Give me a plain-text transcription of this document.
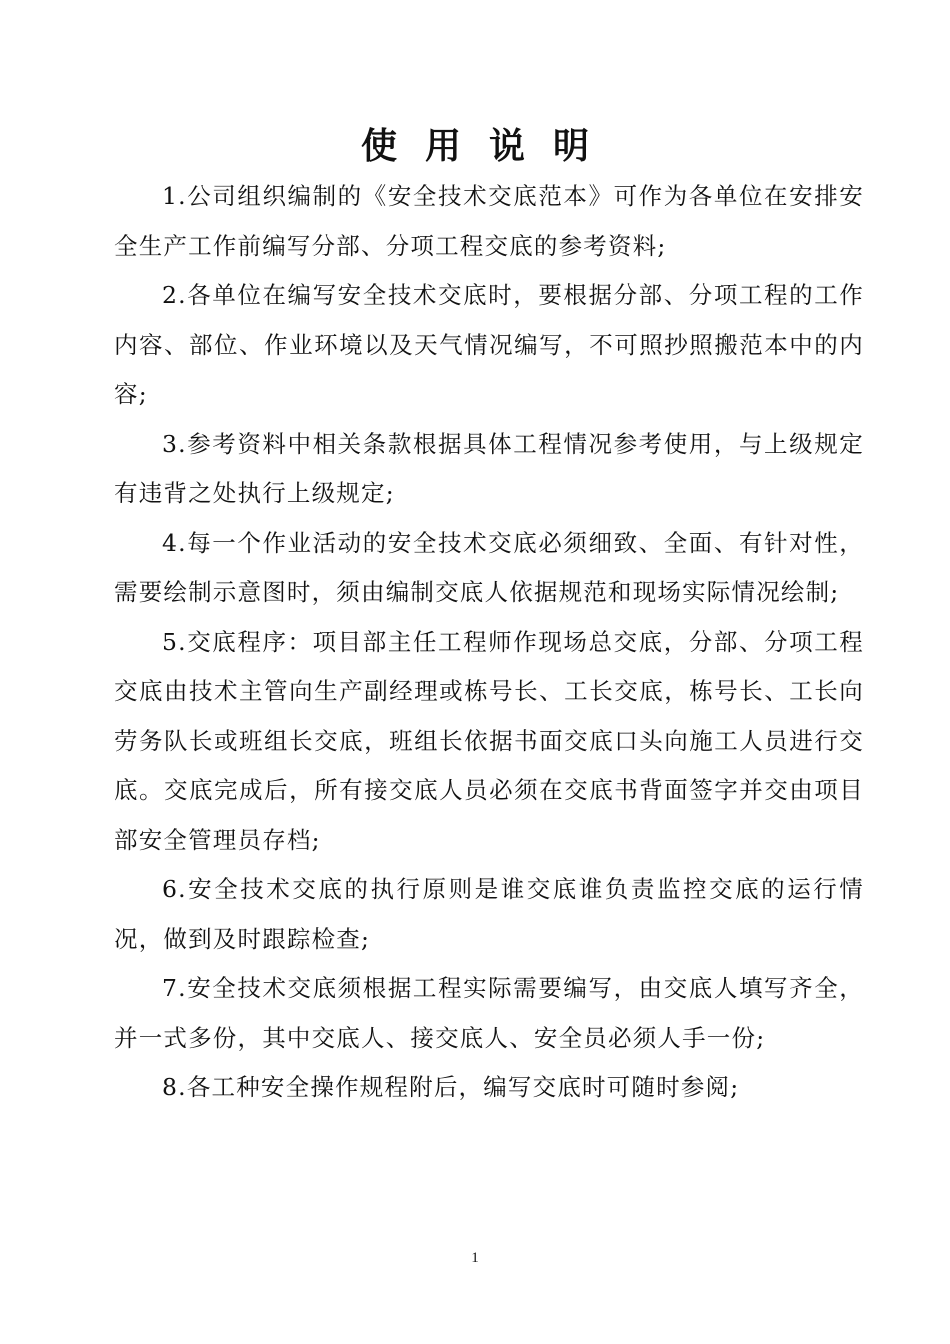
使 用 说 明

1.公司组织编制的《安全技术交底范本》可作为各单位在安排安全生产工作前编写分部、分项工程交底的参考资料;

2.各单位在编写安全技术交底时，要根据分部、分项工程的工作内容、部位、作业环境以及天气情况编写，不可照抄照搬范本中的内容;

3.参考资料中相关条款根据具体工程情况参考使用，与上级规定有违背之处执行上级规定;

4.每一个作业活动的安全技术交底必须细致、全面、有针对性，需要绘制示意图时，须由编制交底人依据规范和现场实际情况绘制;

5.交底程序：项目部主任工程师作现场总交底，分部、分项工程交底由技术主管向生产副经理或栋号长、工长交底，栋号长、工长向劳务队长或班组长交底，班组长依据书面交底口头向施工人员进行交底。交底完成后，所有接交底人员必须在交底书背面签字并交由项目部安全管理员存档;

6.安全技术交底的执行原则是谁交底谁负责监控交底的运行情况，做到及时跟踪检查;

7.安全技术交底须根据工程实际需要编写，由交底人填写齐全，并一式多份，其中交底人、接交底人、安全员必须人手一份;

8.各工种安全操作规程附后，编写交底时可随时参阅;

1
